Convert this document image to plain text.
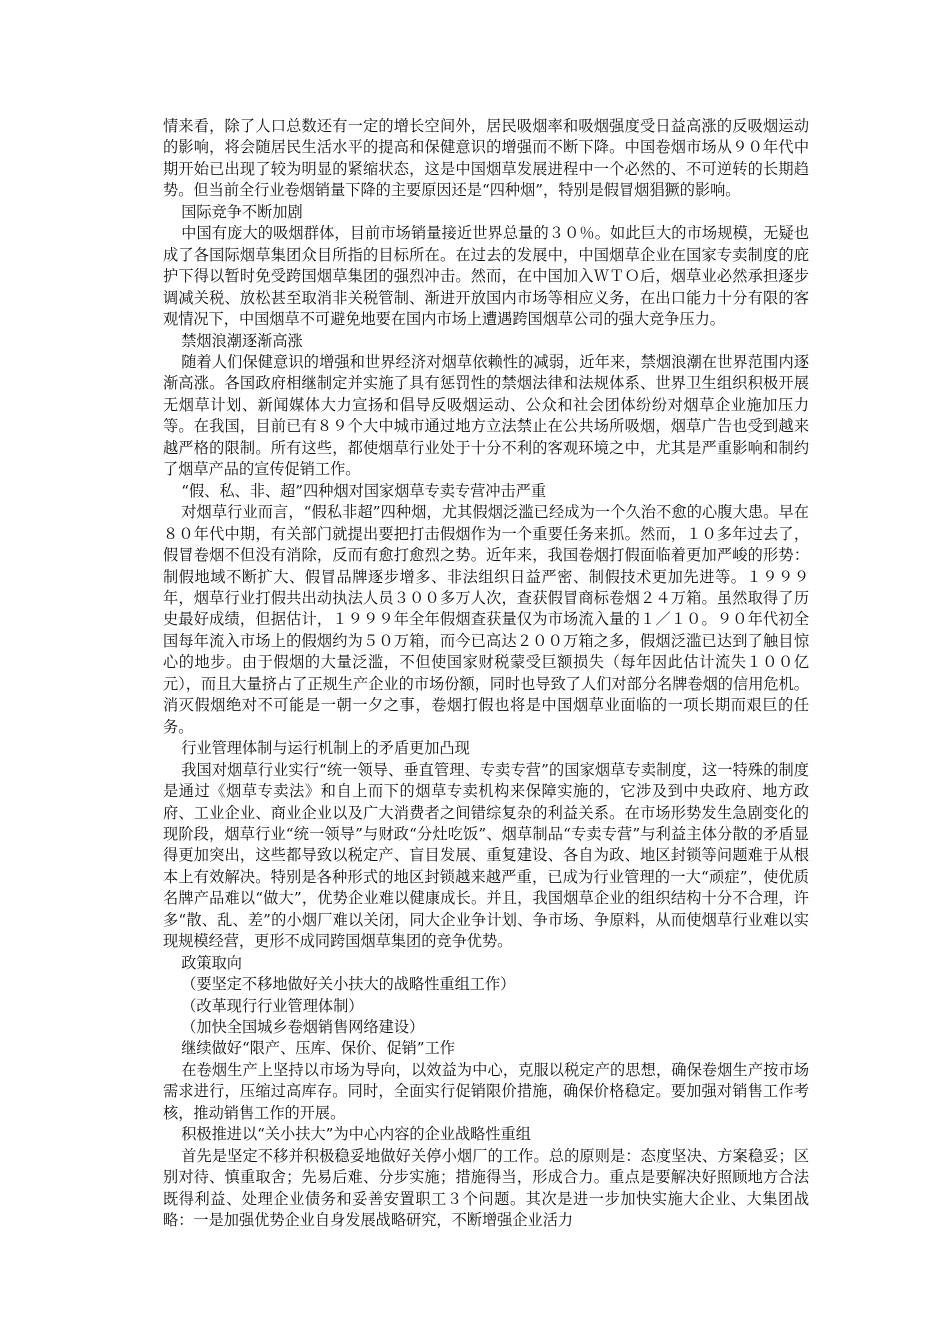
情来看，除了人口总数还有一定的增长空间外，居民吸烟率和吸烟强度受日益高涨的反吸烟运动的影响，将会随居民生活水平的提高和保健意识的增强而不断下降。中国卷烟市场从９０年代中期开始已出现了较为明显的紧缩状态，这是中国烟草发展进程中一个必然的、不可逆转的长期趋势。但当前全行业卷烟销量下降的主要原因还是“四种烟”，特别是假冒烟猖獗的影响。

国际竞争不断加剧

中国有庞大的吸烟群体，目前市场销量接近世界总量的３０％。如此巨大的市场规模，无疑也成了各国际烟草集团众目所指的目标所在。在过去的发展中，中国烟草企业在国家专卖制度的庇护下得以暂时免受跨国烟草集团的强烈冲击。然而，在中国加入ＷＴＯ后，烟草业必然承担逐步调减关税、放松甚至取消非关税管制、渐进开放国内市场等相应义务，在出口能力十分有限的客观情况下，中国烟草不可避免地要在国内市场上遭遇跨国烟草公司的强大竞争压力。

禁烟浪潮逐渐高涨

随着人们保健意识的增强和世界经济对烟草依赖性的减弱，近年来，禁烟浪潮在世界范围内逐渐高涨。各国政府相继制定并实施了具有惩罚性的禁烟法律和法规体系、世界卫生组织积极开展无烟草计划、新闻媒体大力宣扬和倡导反吸烟运动、公众和社会团体纷纷对烟草企业施加压力等。在我国，目前已有８９个大中城市通过地方立法禁止在公共场所吸烟，烟草广告也受到越来越严格的限制。所有这些，都使烟草行业处于十分不利的客观环境之中，尤其是严重影响和制约了烟草产品的宣传促销工作。

“假、私、非、超”四种烟对国家烟草专卖专营冲击严重

对烟草行业而言，“假私非超”四种烟，尤其假烟泛滥已经成为一个久治不愈的心腹大患。早在８０年代中期，有关部门就提出要把打击假烟作为一个重要任务来抓。然而，１０多年过去了，假冒卷烟不但没有消除，反而有愈打愈烈之势。近年来，我国卷烟打假面临着更加严峻的形势：制假地域不断扩大、假冒品牌逐步增多、非法组织日益严密、制假技术更加先进等。１９９９年，烟草行业打假共出动执法人员３００多万人次，查获假冒商标卷烟２４万箱。虽然取得了历史最好成绩，但据估计，１９９９年全年假烟查获量仅为市场流入量的１／１０。９０年代初全国每年流入市场上的假烟约为５０万箱，而今已高达２００万箱之多，假烟泛滥已达到了触目惊心的地步。由于假烟的大量泛滥，不但使国家财税蒙受巨额损失（每年因此估计流失１００亿元），而且大量挤占了正规生产企业的市场份额，同时也导致了人们对部分名牌卷烟的信用危机。消灭假烟绝对不可能是一朝一夕之事，卷烟打假也将是中国烟草业面临的一项长期而艰巨的任务。

行业管理体制与运行机制上的矛盾更加凸现

我国对烟草行业实行“统一领导、垂直管理、专卖专营”的国家烟草专卖制度，这一特殊的制度是通过《烟草专卖法》和自上而下的烟草专卖机构来保障实施的，它涉及到中央政府、地方政府、工业企业、商业企业以及广大消费者之间错综复杂的利益关系。在市场形势发生急剧变化的现阶段，烟草行业“统一领导”与财政“分灶吃饭”、烟草制品“专卖专营”与利益主体分散的矛盾显得更加突出，这些都导致以税定产、盲目发展、重复建设、各自为政、地区封锁等问题难于从根本上有效解决。特别是各种形式的地区封锁越来越严重，已成为行业管理的一大“顽症”，使优质名牌产品难以“做大”，优势企业难以健康成长。并且，我国烟草企业的组织结构十分不合理，许多“散、乱、差”的小烟厂难以关闭，同大企业争计划、争市场、争原料，从而使烟草行业难以实现规模经营，更形不成同跨国烟草集团的竞争优势。

政策取向

（要坚定不移地做好关小扶大的战略性重组工作）

（改革现行行业管理体制）

（加快全国城乡卷烟销售网络建设）

继续做好“限产、压库、保价、促销”工作

在卷烟生产上坚持以市场为导向，以效益为中心，克服以税定产的思想，确保卷烟生产按市场需求进行，压缩过高库存。同时，全面实行促销限价措施，确保价格稳定。要加强对销售工作考核，推动销售工作的开展。

积极推进以“关小扶大”为中心内容的企业战略性重组

首先是坚定不移并积极稳妥地做好关停小烟厂的工作。总的原则是：态度坚决、方案稳妥；区别对待、慎重取舍；先易后难、分步实施；措施得当，形成合力。重点是要解决好照顾地方合法既得利益、处理企业债务和妥善安置职工３个问题。其次是进一步加快实施大企业、大集团战略：一是加强优势企业自身发展战略研究，不断增强企业活力
